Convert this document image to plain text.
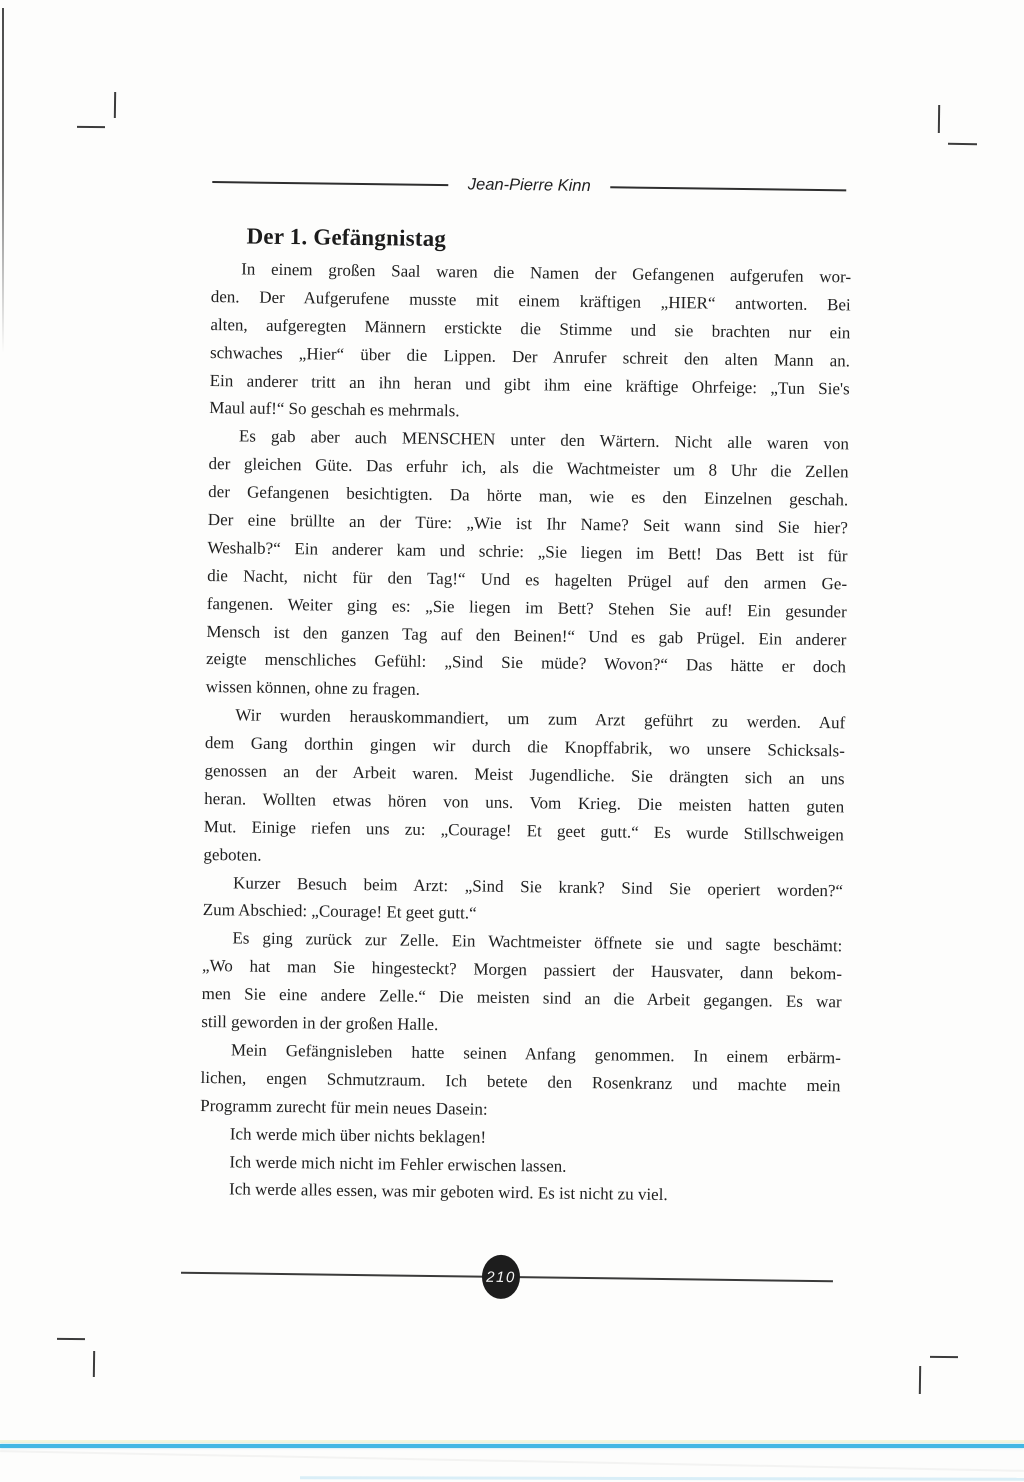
Jean-Pierre Kinn
Der 1. Gefängnistag
In einem großen Saal waren die Namen der Gefangenen aufgerufen wor-
den. Der Aufgerufene musste mit einem kräftigen „HIER“ antworten. Bei
alten, aufgeregten Männern erstickte die Stimme und sie brachten nur ein
schwaches „Hier“ über die Lippen. Der Anrufer schreit den alten Mann an.
Ein anderer tritt an ihn heran und gibt ihm eine kräftige Ohrfeige: „Tun Sie's
Maul auf!“ So geschah es mehrmals.
Es gab aber auch MENSCHEN unter den Wärtern. Nicht alle waren von
der gleichen Güte. Das erfuhr ich, als die Wachtmeister um 8 Uhr die Zellen
der Gefangenen besichtigten. Da hörte man, wie es den Einzelnen geschah.
Der eine brüllte an der Türe: „Wie ist Ihr Name? Seit wann sind Sie hier?
Weshalb?“ Ein anderer kam und schrie: „Sie liegen im Bett! Das Bett ist für
die Nacht, nicht für den Tag!“ Und es hagelten Prügel auf den armen Ge-
fangenen. Weiter ging es: „Sie liegen im Bett? Stehen Sie auf! Ein gesunder
Mensch ist den ganzen Tag auf den Beinen!“ Und es gab Prügel. Ein anderer
zeigte menschliches Gefühl: „Sind Sie müde? Wovon?“ Das hätte er doch
wissen können, ohne zu fragen.
Wir wurden herauskommandiert, um zum Arzt geführt zu werden. Auf
dem Gang dorthin gingen wir durch die Knopffabrik, wo unsere Schicksals-
genossen an der Arbeit waren. Meist Jugendliche. Sie drängten sich an uns
heran. Wollten etwas hören von uns. Vom Krieg. Die meisten hatten guten
Mut. Einige riefen uns zu: „Courage! Et geet gutt.“ Es wurde Stillschweigen
geboten.
Kurzer Besuch beim Arzt: „Sind Sie krank? Sind Sie operiert worden?“
Zum Abschied: „Courage! Et geet gutt.“
Es ging zurück zur Zelle. Ein Wachtmeister öffnete sie und sagte beschämt:
„Wo hat man Sie hingesteckt? Morgen passiert der Hausvater, dann bekom-
men Sie eine andere Zelle.“ Die meisten sind an die Arbeit gegangen. Es war
still geworden in der großen Halle.
Mein Gefängnisleben hatte seinen Anfang genommen. In einem erbärm-
lichen, engen Schmutzraum. Ich betete den Rosenkranz und machte mein
Programm zurecht für mein neues Dasein:
Ich werde mich über nichts beklagen!
Ich werde mich nicht im Fehler erwischen lassen.
Ich werde alles essen, was mir geboten wird. Es ist nicht zu viel.
210
